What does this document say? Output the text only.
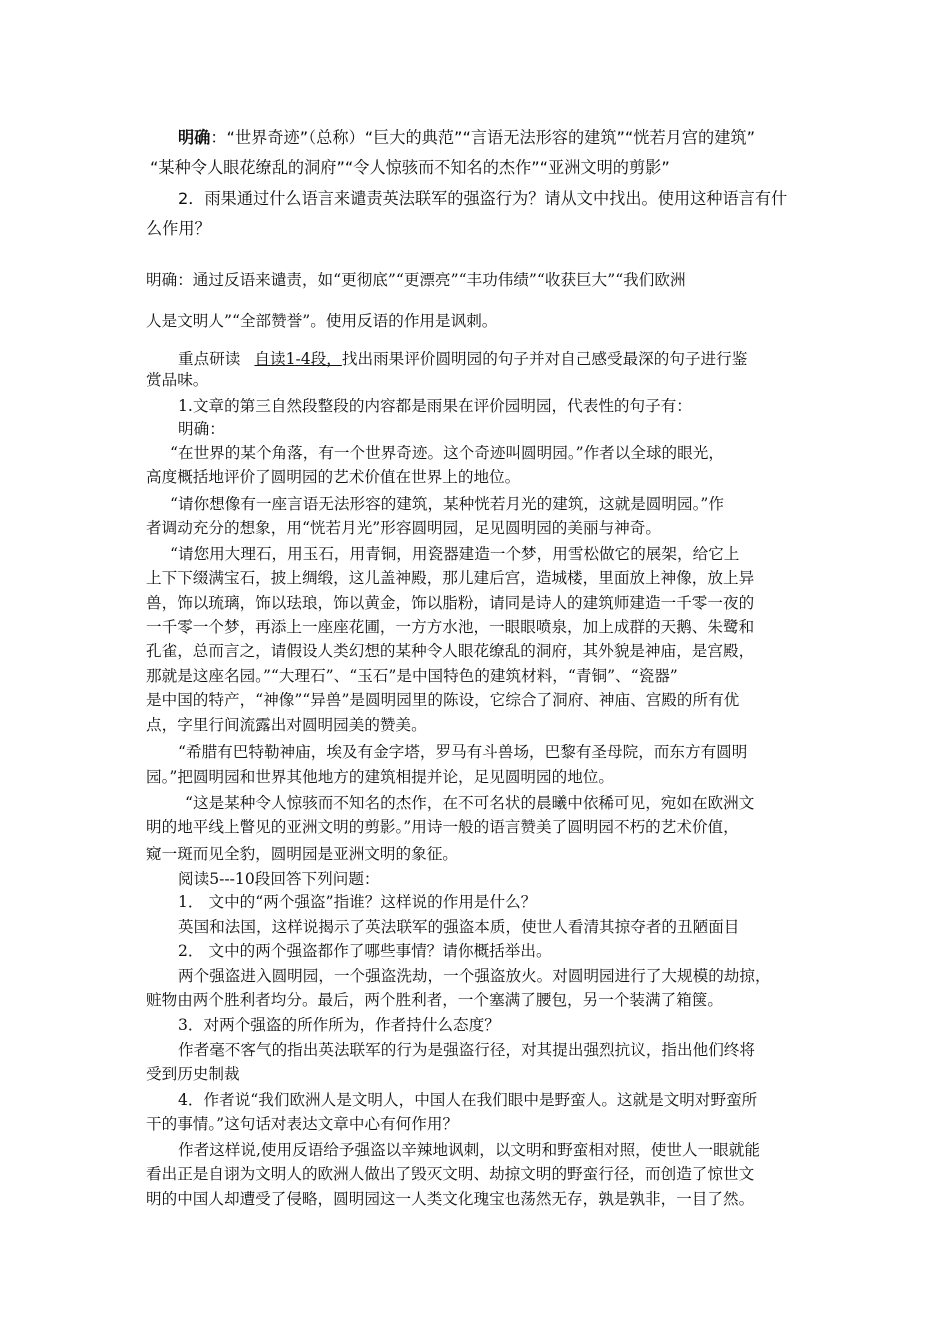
明确：“世界奇迹”（总称）“巨大的典范”“言语无法形容的建筑”“恍若月宫的建筑”
“某种令人眼花缭乱的洞府”“令人惊骇而不知名的杰作”“亚洲文明的剪影”
2．雨果通过什么语言来谴责英法联军的强盗行为？请从文中找出。使用这种语言有什
么作用？
明确：通过反语来谴责，如“更彻底”“更漂亮”“丰功伟绩”“收获巨大”“我们欧洲
人是文明人”“全部赞誉”。使用反语的作用是讽刺。
重点研读 自读1-4段，找出雨果评价圆明园的句子并对自己感受最深的句子进行鉴
赏品味。
1.文章的第三自然段整段的内容都是雨果在评价园明园，代表性的句子有：
明确：
“在世界的某个角落，有一个世界奇迹。这个奇迹叫圆明园。”作者以全球的眼光，
高度概括地评价了圆明园的艺术价值在世界上的地位。
“请你想像有一座言语无法形容的建筑，某种恍若月光的建筑，这就是圆明园。”作
者调动充分的想象，用“恍若月光”形容圆明园，足见圆明园的美丽与神奇。
“请您用大理石，用玉石，用青铜，用瓷器建造一个梦，用雪松做它的展架，给它上
上下下缀满宝石，披上绸缎，这儿盖神殿，那儿建后宫，造城楼，里面放上神像，放上异
兽，饰以琉璃，饰以珐琅，饰以黄金，饰以脂粉，请同是诗人的建筑师建造一千零一夜的
一千零一个梦，再添上一座座花圃，一方方水池，一眼眼喷泉，加上成群的天鹅、朱鹭和
孔雀，总而言之，请假设人类幻想的某种令人眼花缭乱的洞府，其外貌是神庙，是宫殿，
那就是这座名园。”“大理石”、“玉石”是中国特色的建筑材料，“青铜”、“瓷器”
是中国的特产，“神像”“异兽”是圆明园里的陈设，它综合了洞府、神庙、宫殿的所有优
点，字里行间流露出对圆明园美的赞美。
“希腊有巴特勒神庙，埃及有金字塔，罗马有斗兽场，巴黎有圣母院，而东方有圆明
园。”把圆明园和世界其他地方的建筑相提并论，足见圆明园的地位。
“这是某种令人惊骇而不知名的杰作，在不可名状的晨曦中依稀可见，宛如在欧洲文
明的地平线上瞥见的亚洲文明的剪影。”用诗一般的语言赞美了圆明园不朽的艺术价值，
窥一斑而见全豹，圆明园是亚洲文明的象征。
阅读5---10段回答下列问题：
1． 文中的“两个强盗”指谁？这样说的作用是什么？
英国和法国，这样说揭示了英法联军的强盗本质，使世人看清其掠夺者的丑陋面目
2． 文中的两个强盗都作了哪些事情？请你概括举出。
两个强盗进入圆明园，一个强盗洗劫，一个强盗放火。对圆明园进行了大规模的劫掠，
赃物由两个胜利者均分。最后，两个胜利者，一个塞满了腰包，另一个装满了箱箧。
3．对两个强盗的所作所为，作者持什么态度？
作者毫不客气的指出英法联军的行为是强盗行径，对其提出强烈抗议，指出他们终将
受到历史制裁
4．作者说“我们欧洲人是文明人，中国人在我们眼中是野蛮人。这就是文明对野蛮所
干的事情。”这句话对表达文章中心有何作用？
作者这样说,使用反语给予强盗以辛辣地讽刺，以文明和野蛮相对照，使世人一眼就能
看出正是自诩为文明人的欧洲人做出了毁灭文明、劫掠文明的野蛮行径，而创造了惊世文
明的中国人却遭受了侵略，圆明园这一人类文化瑰宝也荡然无存，孰是孰非，一目了然。
